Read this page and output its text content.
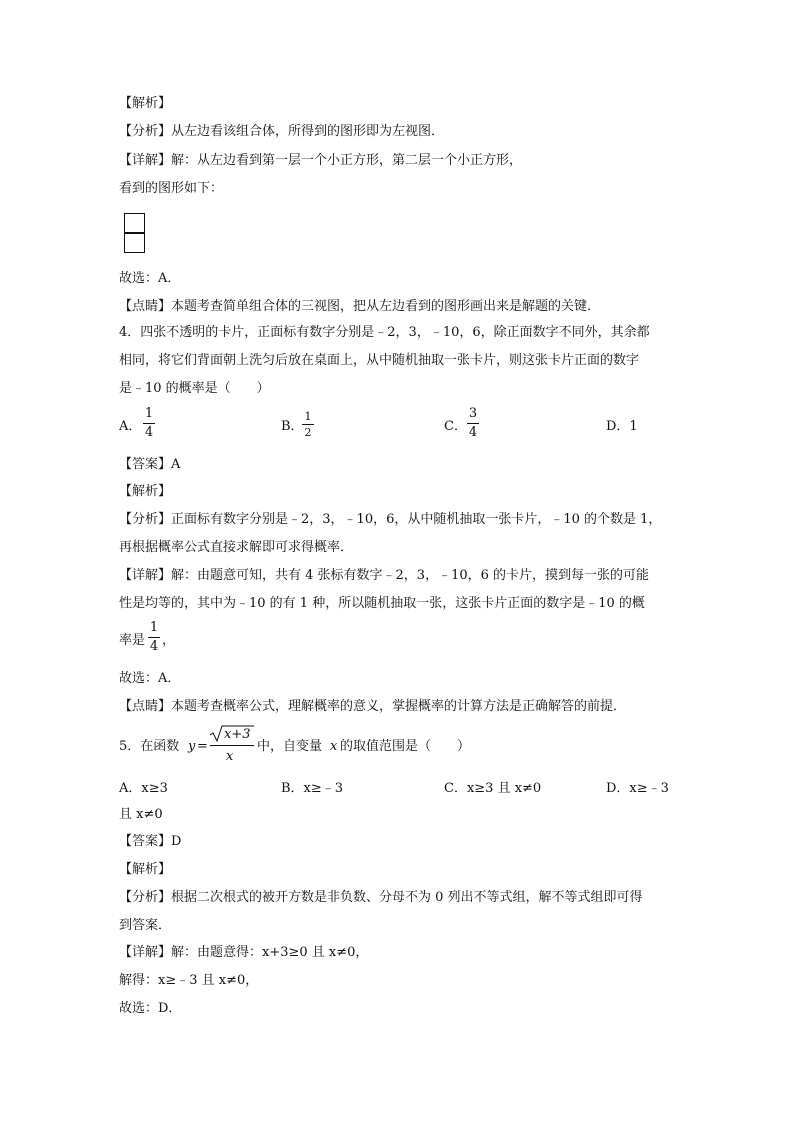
【解析】
【分析】从左边看该组合体，所得到的图形即为左视图．
【详解】解：从左边看到第一层一个小正方形，第二层一个小正方形，
看到的图形如下：
故选：A．
【点睛】本题考查简单组合体的三视图，把从左边看到的图形画出来是解题的关键．
4．四张不透明的卡片，正面标有数字分别是﹣2，3，﹣10，6，除正面数字不同外，其余都
相同，将它们背面朝上洗匀后放在桌面上，从中随机抽取一张卡片，则这张卡片正面的数字
是﹣10 的概率是（　　）
A．
1
4	B．
1
2	C．
3
4	D．1
【答案】A
【解析】
【分析】正面标有数字分别是﹣2，3，﹣10，6，从中随机抽取一张卡片，﹣10 的个数是 1，
再根据概率公式直接求解即可求得概率．
【详解】解：由题意可知，共有 4 张标有数字﹣2，3，﹣10，6 的卡片，摸到每一张的可能
性是均等的，其中为﹣10 的有 1 种，所以随机抽取一张，这张卡片正面的数字是﹣10 的概
率是
1
4 ，
故选：A．
【点睛】本题考查概率公式，理解概率的意义，掌握概率的计算方法是正确解答的前提．
5．在函数 y =
x+3
x
中，自变量 x 的取值范围是（　　）
A．x≥3	B．x≥﹣3	C．x≥3 且 x≠0	D．x≥﹣3
且 x≠0
【答案】D
【解析】
【分析】根据二次根式的被开方数是非负数、分母不为 0 列出不等式组，解不等式组即可得
到答案．
【详解】解：由题意得：x+3≥0 且 x≠0，
解得：x≥﹣3 且 x≠0，
故选：D．
